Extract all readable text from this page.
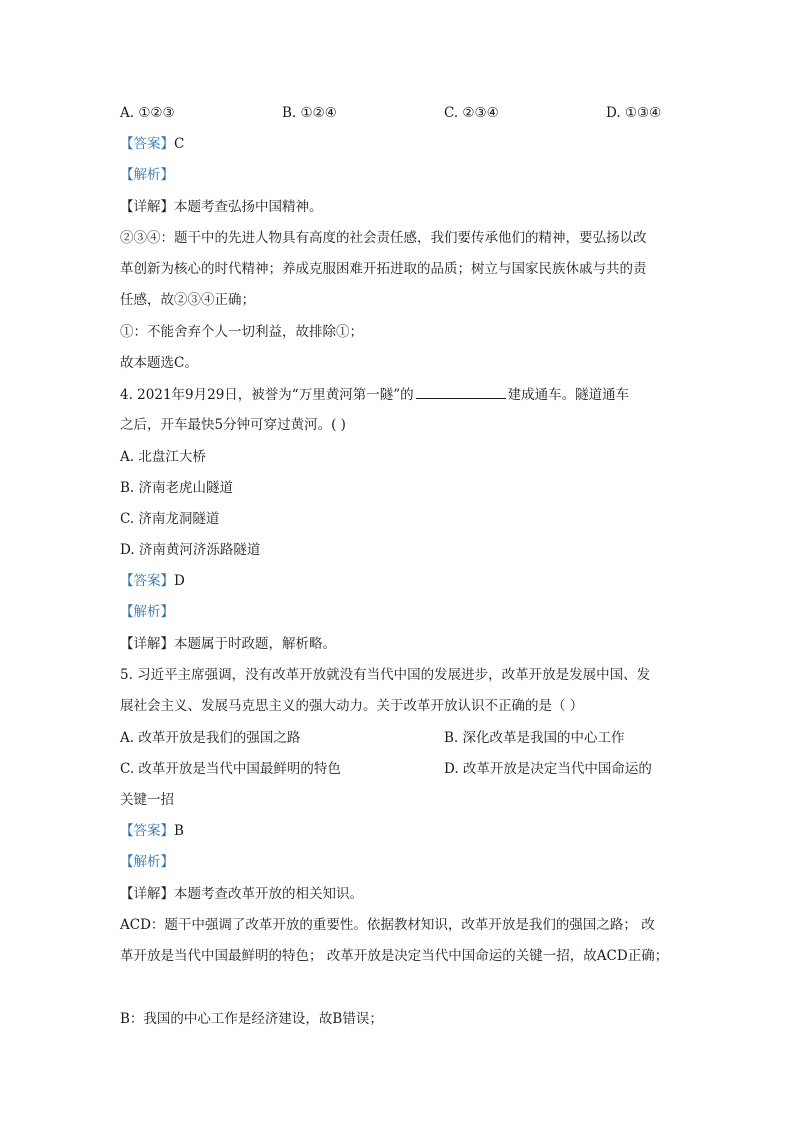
A. ①②③	B. ①②④	C. ②③④	D. ①③④
【答案】C
【解析】
【详解】本题考查弘扬中国精神。
②③④：题干中的先进人物具有高度的社会责任感，我们要传承他们的精神，要弘扬以改
革创新为核心的时代精神；养成克服困难开拓进取的品质；树立与国家民族休戚与共的责
任感，故②③④正确；
①：不能舍弃个人一切利益，故排除①；
故本题选C。
4. 2021年9月29日，被誉为“万里黄河第一隧”的	建成通车。隧道通车
之后，开车最快5分钟可穿过黄河。( )
A. 北盘江大桥
B. 济南老虎山隧道
C. 济南龙洞隧道
D. 济南黄河济泺路隧道
【答案】D
【解析】
【详解】本题属于时政题，解析略。
5. 习近平主席强调，没有改革开放就没有当代中国的发展进步，改革开放是发展中国、发
展社会主义、发展马克思主义的强大动力。关于改革开放认识不正确的是（ ）
A. 改革开放是我们的强国之路	B. 深化改革是我国的中心工作
C. 改革开放是当代中国最鲜明的特色	D. 改革开放是决定当代中国命运的
关键一招
【答案】B
【解析】
【详解】本题考查改革开放的相关知识。
ACD：题干中强调了改革开放的重要性。依据教材知识，改革开放是我们的强国之路； 改
革开放是当代中国最鲜明的特色； 改革开放是决定当代中国命运的关键一招，故ACD正确；
B：我国的中心工作是经济建设，故B错误；
